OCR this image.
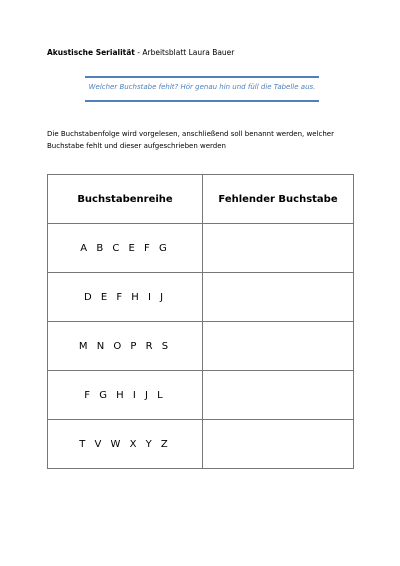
Akustische Serialität - Arbeitsblatt Laura Bauer
Welcher Buchstabe fehlt? Hör genau hin und füll die Tabelle aus.
Die Buchstabenfolge wird vorgelesen, anschließend soll benannt werden, welcher Buchstabe fehlt und dieser aufgeschrieben werden
Buchstabenreihe	Fehlender Buchstabe
A B C E F G	
D E F H I J	
M N O P R S	
F G H I J L	
T V W X Y Z	
